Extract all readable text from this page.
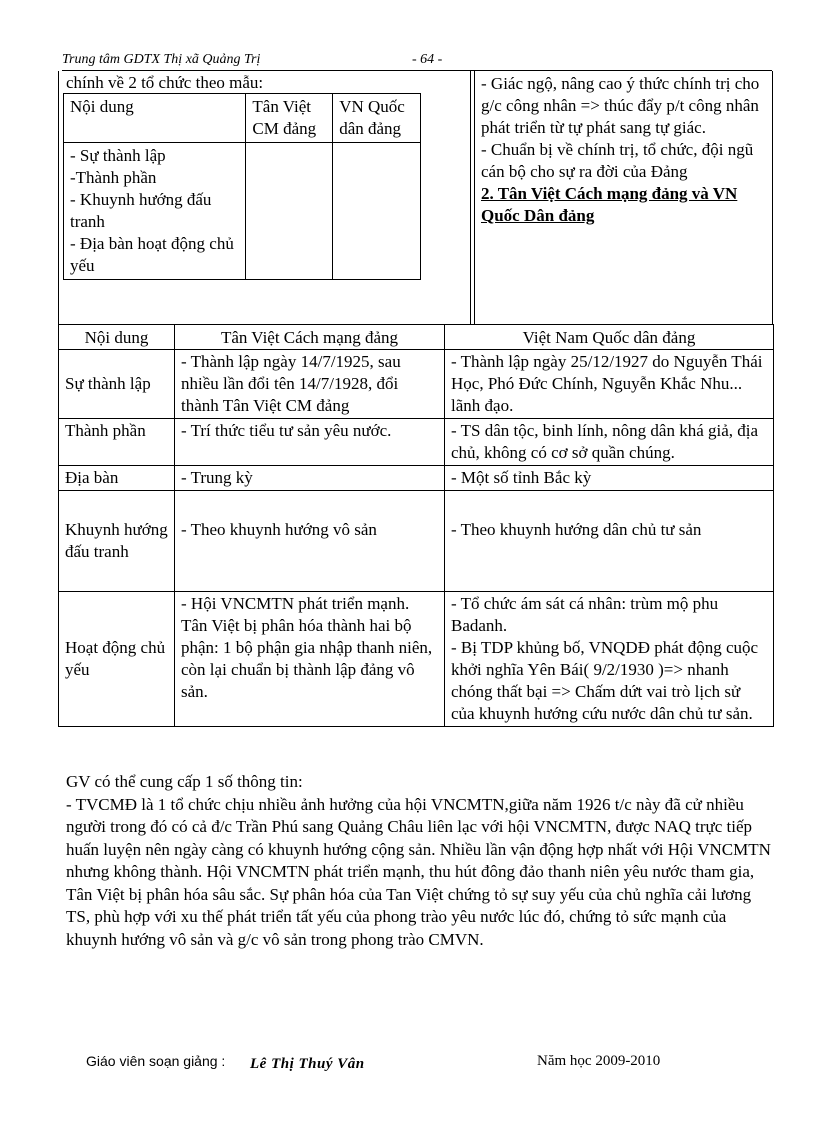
Trung tâm GDTX Thị xã Quảng Trị	- 64 -
chính về 2 tổ chức theo mẫu:
Nội dung	Tân Việt CM đảng	VN Quốc dân đảng

- Sự thành lập
-Thành phần
- Khuynh hướng đấu tranh
- Địa bàn hoạt động chủ yếu		

- Giác ngộ, nâng cao ý thức chính trị cho g/c công nhân => thúc đẩy p/t công nhân phát triển từ tự phát sang tự giác.

- Chuẩn bị về chính trị, tổ chức, đội ngũ cán bộ cho sự ra đời của Đảng

2. Tân Việt Cách mạng đảng và VN Quốc Dân đảng

Nội dung	Tân Việt Cách mạng đảng	Việt Nam Quốc dân đảng
Sự thành lập	- Thành lập ngày 14/7/1925, sau nhiều lần đổi tên 14/7/1928, đổi thành Tân Việt CM đảng	- Thành lập ngày 25/12/1927 do Nguyễn Thái Học, Phó Đức Chính, Nguyễn Khắc Nhu... lãnh đạo.
Thành phần	- Trí thức tiểu tư sản yêu nước.	- TS dân tộc, binh lính, nông dân khá giả, địa chủ, không có cơ sở quần chúng.
Địa bàn	- Trung kỳ	- Một số tỉnh Bắc kỳ
Khuynh hướng đấu tranh	- Theo khuynh hướng vô sản	- Theo khuynh hướng dân chủ tư sản
Hoạt động chủ yếu	- Hội VNCMTN phát triển mạnh. Tân Việt bị phân hóa thành hai bộ phận: 1 bộ phận gia nhập thanh niên, còn lại chuẩn bị thành lập đảng vô sản.	- Tổ chức ám sát cá nhân: trùm mộ phu Badanh.
- Bị TDP khủng bố, VNQDĐ phát động cuộc khởi nghĩa Yên Bái( 9/2/1930 )=> nhanh chóng thất bại => Chấm dứt vai trò lịch sử của khuynh hướng cứu nước dân chủ tư sản.

GV có thể cung cấp 1 số thông tin:

- TVCMĐ là 1 tổ chức chịu nhiều ảnh hưởng của hội VNCMTN,giữa năm 1926 t/c này đã cử nhiều người trong đó có cả đ/c Trần Phú sang Quảng Châu liên lạc với hội VNCMTN, được NAQ trực tiếp huấn luyện nên ngày càng có khuynh hướng cộng sản. Nhiều lần vận động hợp nhất với Hội VNCMTN nhưng không thành. Hội VNCMTN phát triển mạnh, thu hút đông đảo thanh niên yêu nước tham gia, Tân Việt bị phân hóa sâu sắc. Sự phân hóa của Tan Việt chứng tỏ sự suy yếu của chủ nghĩa cải lương TS, phù hợp với xu thế phát triển tất yếu của phong trào yêu nước lúc đó, chứng tỏ sức mạnh của khuynh hướng vô sản và g/c vô sản trong phong trào CMVN.

Giáo viên soạn giảng : Lê Thị Thuý Vân	Năm học 2009-2010
